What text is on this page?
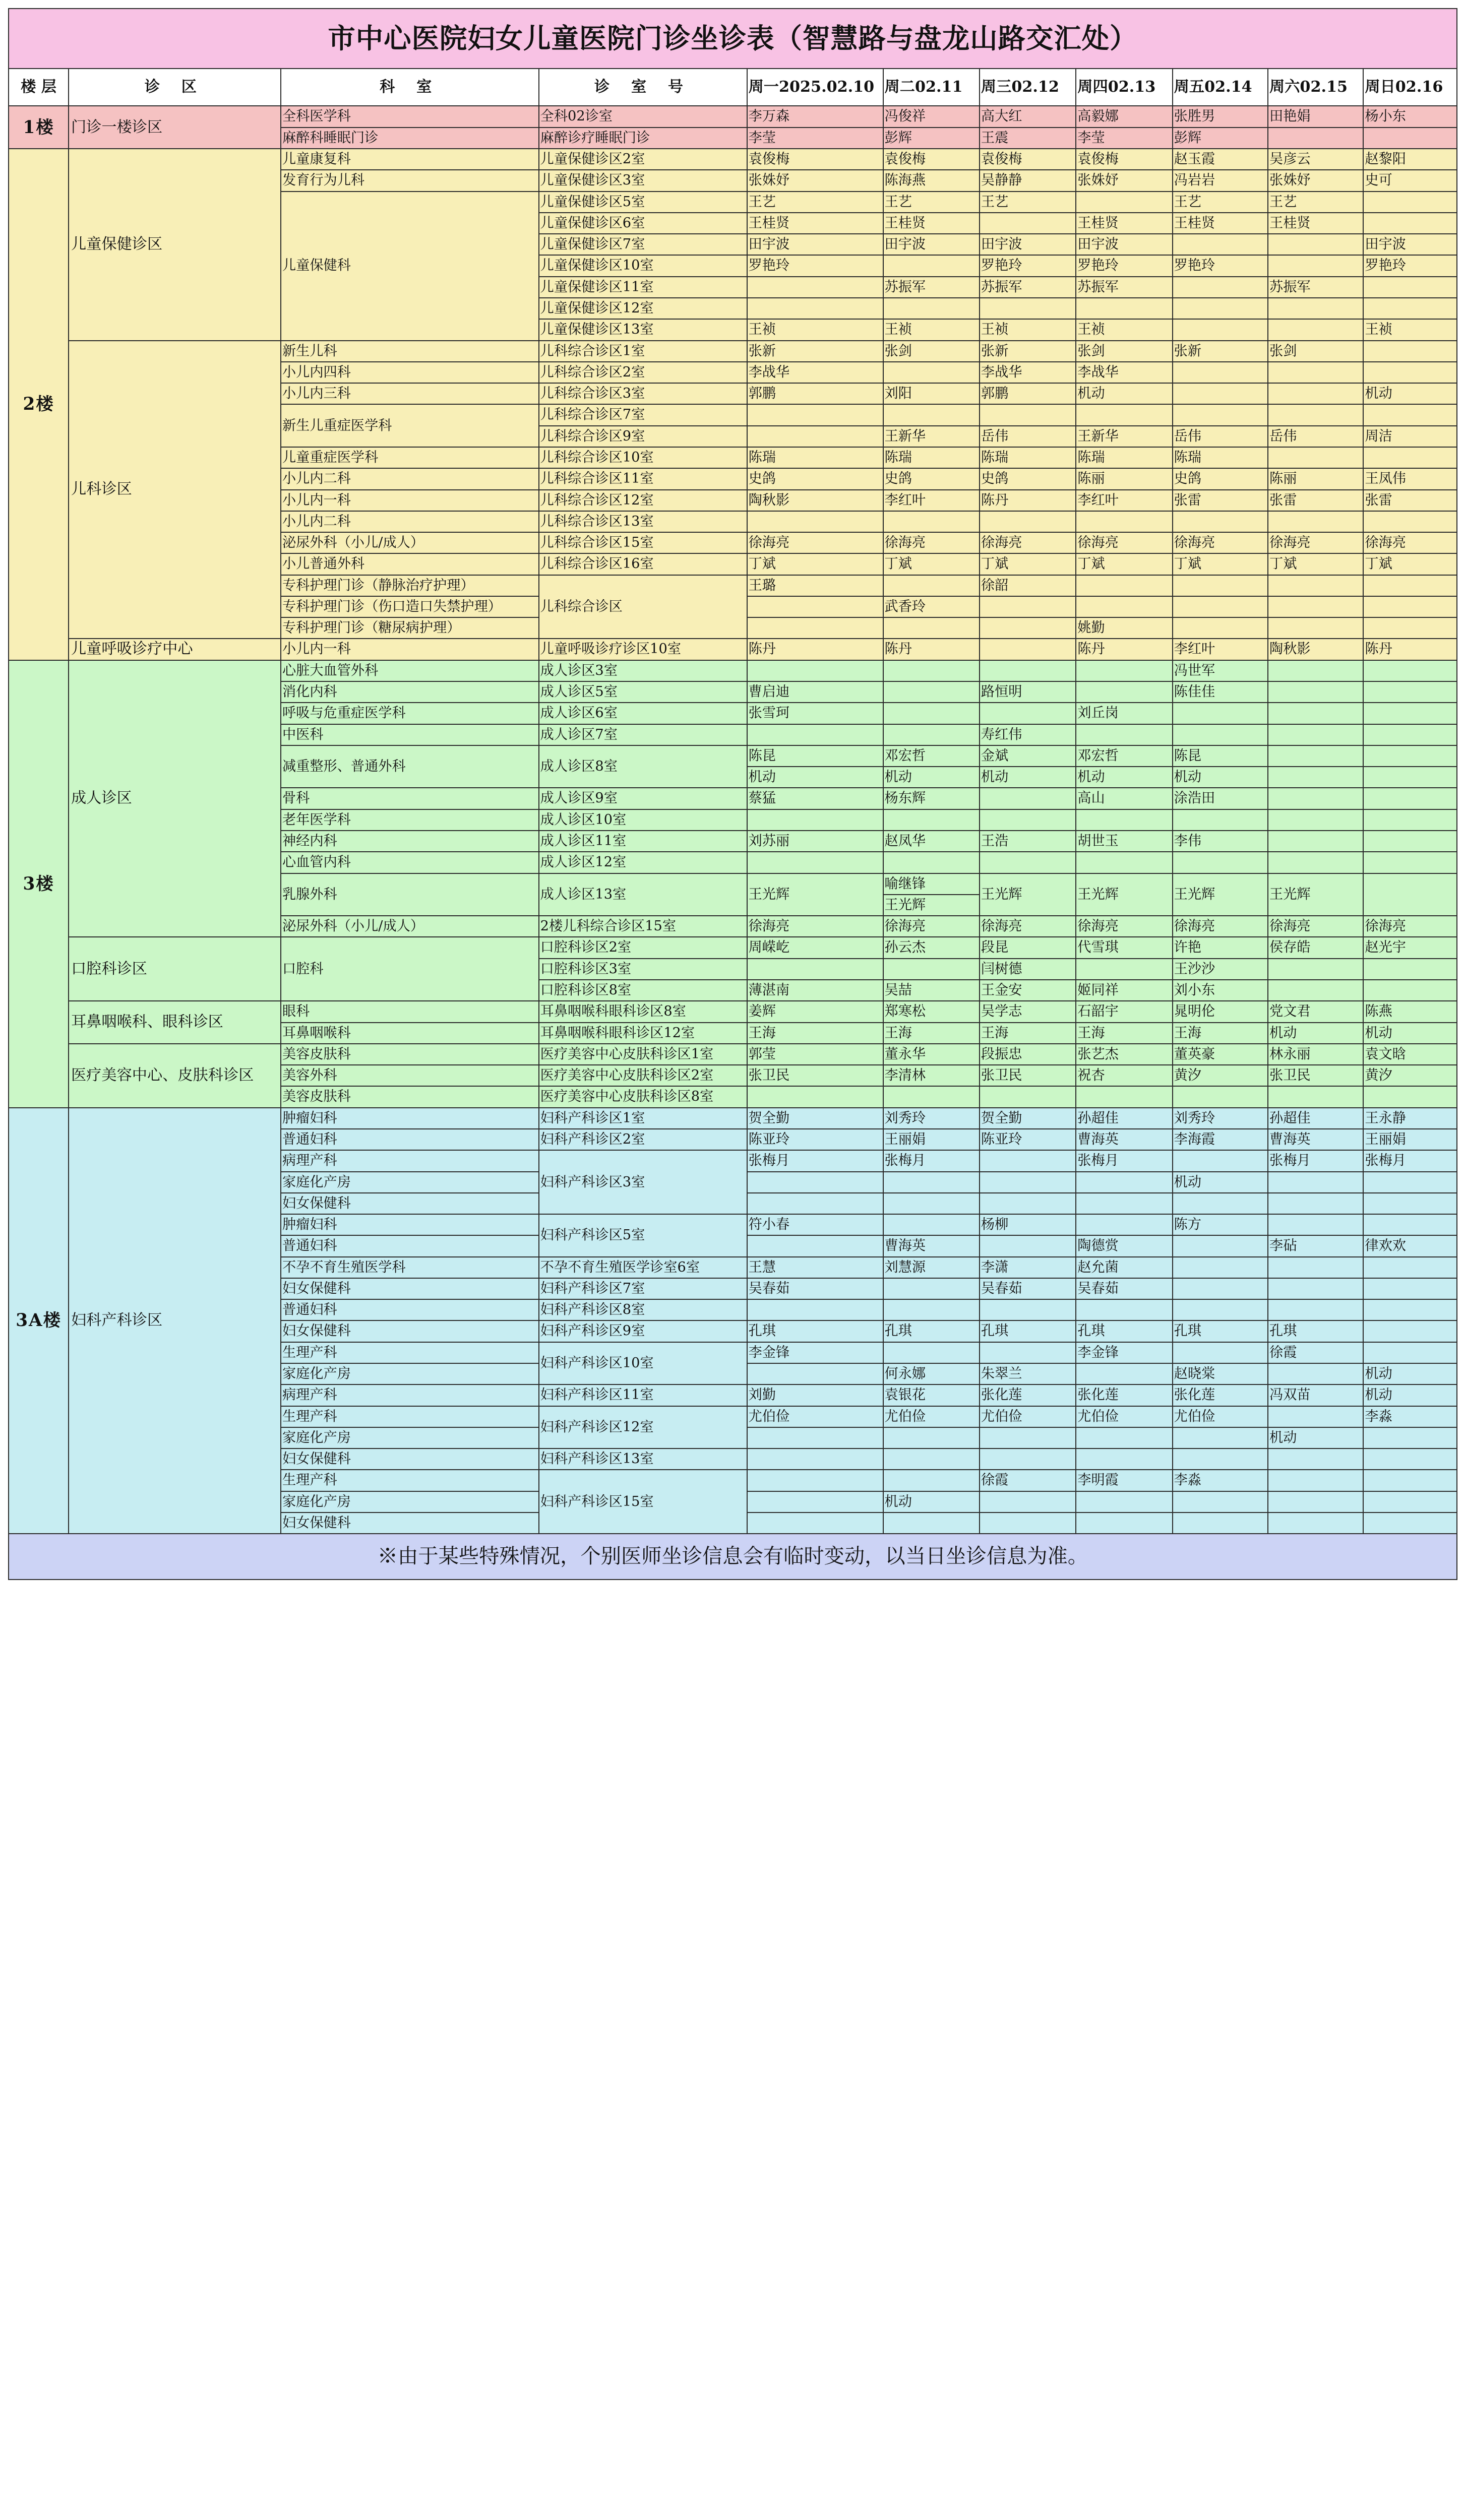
市中心医院妇女儿童医院门诊坐诊表（智慧路与盘龙山路交汇处）										
楼 层	诊 区	科 室	诊 室 号	周一2025.02.10	周二02.11	周三02.12	周四02.13	周五02.14	周六02.15	周日02.16
1楼	门诊一楼诊区	全科医学科	全科02诊室	李万森	冯俊祥	高大红	高毅娜	张胜男	田艳娟	杨小东
		麻醉科睡眠门诊	麻醉诊疗睡眠门诊	李莹	彭辉	王震	李莹	彭辉		
2楼	儿童保健诊区	儿童康复科	儿童保健诊区2室	袁俊梅	袁俊梅	袁俊梅	袁俊梅	赵玉霞	吴彦云	赵黎阳
		发育行为儿科	儿童保健诊区3室	张姝妤	陈海燕	吴静静	张姝妤	冯岩岩	张姝妤	史可
		儿童保健科	儿童保健诊区5室	王艺	王艺	王艺		王艺	王艺	
			儿童保健诊区6室	王桂贤	王桂贤		王桂贤	王桂贤	王桂贤	
			儿童保健诊区7室	田宇波	田宇波	田宇波	田宇波			田宇波
			儿童保健诊区10室	罗艳玲		罗艳玲	罗艳玲	罗艳玲		罗艳玲
			儿童保健诊区11室		苏振军	苏振军	苏振军		苏振军	
			儿童保健诊区12室							
			儿童保健诊区13室	王祯	王祯	王祯	王祯			王祯
	儿科诊区	新生儿科	儿科综合诊区1室	张新	张剑	张新	张剑	张新	张剑	
		小儿内四科	儿科综合诊区2室	李战华		李战华	李战华			
		小儿内三科	儿科综合诊区3室	郭鹏	刘阳	郭鹏	机动			机动
		新生儿重症医学科	儿科综合诊区7室							
			儿科综合诊区9室		王新华	岳伟	王新华	岳伟	岳伟	周洁
		儿童重症医学科	儿科综合诊区10室	陈瑞	陈瑞	陈瑞	陈瑞	陈瑞		
		小儿内二科	儿科综合诊区11室	史鸽	史鸽	史鸽	陈丽	史鸽	陈丽	王凤伟
		小儿内一科	儿科综合诊区12室	陶秋影	李红叶	陈丹	李红叶	张雷	张雷	张雷
		小儿内二科	儿科综合诊区13室							
		泌尿外科（小儿/成人）	儿科综合诊区15室	徐海亮	徐海亮	徐海亮	徐海亮	徐海亮	徐海亮	徐海亮
		小儿普通外科	儿科综合诊区16室	丁斌	丁斌	丁斌	丁斌	丁斌	丁斌	丁斌
		专科护理门诊（静脉治疗护理）	儿科综合诊区	王璐		徐韶				
		专科护理门诊（伤口造口失禁护理）			武香玲					
		专科护理门诊（糖尿病护理）					姚勤			
	儿童呼吸诊疗中心	小儿内一科	儿童呼吸诊疗诊区10室	陈丹	陈丹		陈丹	李红叶	陶秋影	陈丹
3楼	成人诊区	心脏大血管外科	成人诊区3室					冯世军		
		消化内科	成人诊区5室	曹启迪		路恒明		陈佳佳		
		呼吸与危重症医学科	成人诊区6室	张雪珂			刘丘岗			
		中医科	成人诊区7室			寿红伟				
		减重整形、普通外科	成人诊区8室	陈昆	邓宏哲	金斌	邓宏哲	陈昆		
				机动	机动	机动	机动	机动		
		骨科	成人诊区9室	蔡猛	杨东辉		高山	涂浩田		
		老年医学科	成人诊区10室							
		神经内科	成人诊区11室	刘苏丽	赵凤华	王浩	胡世玉	李伟		
		心血管内科	成人诊区12室							
		乳腺外科	成人诊区13室	王光辉	喻继锋	王光辉	王光辉	王光辉	王光辉	
					王光辉					
		泌尿外科（小儿/成人）	2楼儿科综合诊区15室	徐海亮	徐海亮	徐海亮	徐海亮	徐海亮	徐海亮	徐海亮
	口腔科诊区	口腔科	口腔科诊区2室	周嵘屹	孙云杰	段昆	代雪琪	许艳	侯存皓	赵光宇
			口腔科诊区3室			闫树德		王沙沙		
			口腔科诊区8室	薄湛南	吴喆	王金安	姬同祥	刘小东		
	耳鼻咽喉科、眼科诊区	眼科	耳鼻咽喉科眼科诊区8室	姜辉	郑寒松	吴学志	石韶宇	晁明伦	党文君	陈燕
		耳鼻咽喉科	耳鼻咽喉科眼科诊区12室	王海	王海	王海	王海	王海	机动	机动
	医疗美容中心、皮肤科诊区	美容皮肤科	医疗美容中心皮肤科诊区1室	郭莹	董永华	段振忠	张艺杰	董英豪	林永丽	袁文晗
		美容外科	医疗美容中心皮肤科诊区2室	张卫民	李清林	张卫民	祝杏	黄汐	张卫民	黄汐
		美容皮肤科	医疗美容中心皮肤科诊区8室							
3A楼	妇科产科诊区	肿瘤妇科	妇科产科诊区1室	贺全勤	刘秀玲	贺全勤	孙超佳	刘秀玲	孙超佳	王永静
		普通妇科	妇科产科诊区2室	陈亚玲	王丽娟	陈亚玲	曹海英	李海霞	曹海英	王丽娟
		病理产科	妇科产科诊区3室	张梅月	张梅月		张梅月		张梅月	张梅月
		家庭化产房						机动		
		妇女保健科								
		肿瘤妇科	妇科产科诊区5室	符小春		杨柳		陈方		
		普通妇科			曹海英		陶德赏		李砧	律欢欢
		不孕不育生殖医学科	不孕不育生殖医学诊室6室	王慧	刘慧源	李潇	赵允菌			
		妇女保健科	妇科产科诊区7室	吴春茹		吴春茹	吴春茹			
		普通妇科	妇科产科诊区8室							
		妇女保健科	妇科产科诊区9室	孔琪	孔琪	孔琪	孔琪	孔琪	孔琪	
		生理产科	妇科产科诊区10室	李金锋			李金锋		徐霞	
		家庭化产房			何永娜	朱翠兰		赵晓棠		机动
		病理产科	妇科产科诊区11室	刘勤	袁银花	张化莲	张化莲	张化莲	冯双苗	机动
		生理产科	妇科产科诊区12室	尤伯俭	尤伯俭	尤伯俭	尤伯俭	尤伯俭		李淼
		家庭化产房							机动	
		妇女保健科	妇科产科诊区13室							
		生理产科	妇科产科诊区15室			徐霞	李明霞	李淼		
		家庭化产房			机动					
		妇女保健科								
※由于某些特殊情况，个别医师坐诊信息会有临时变动，以当日坐诊信息为准。										
